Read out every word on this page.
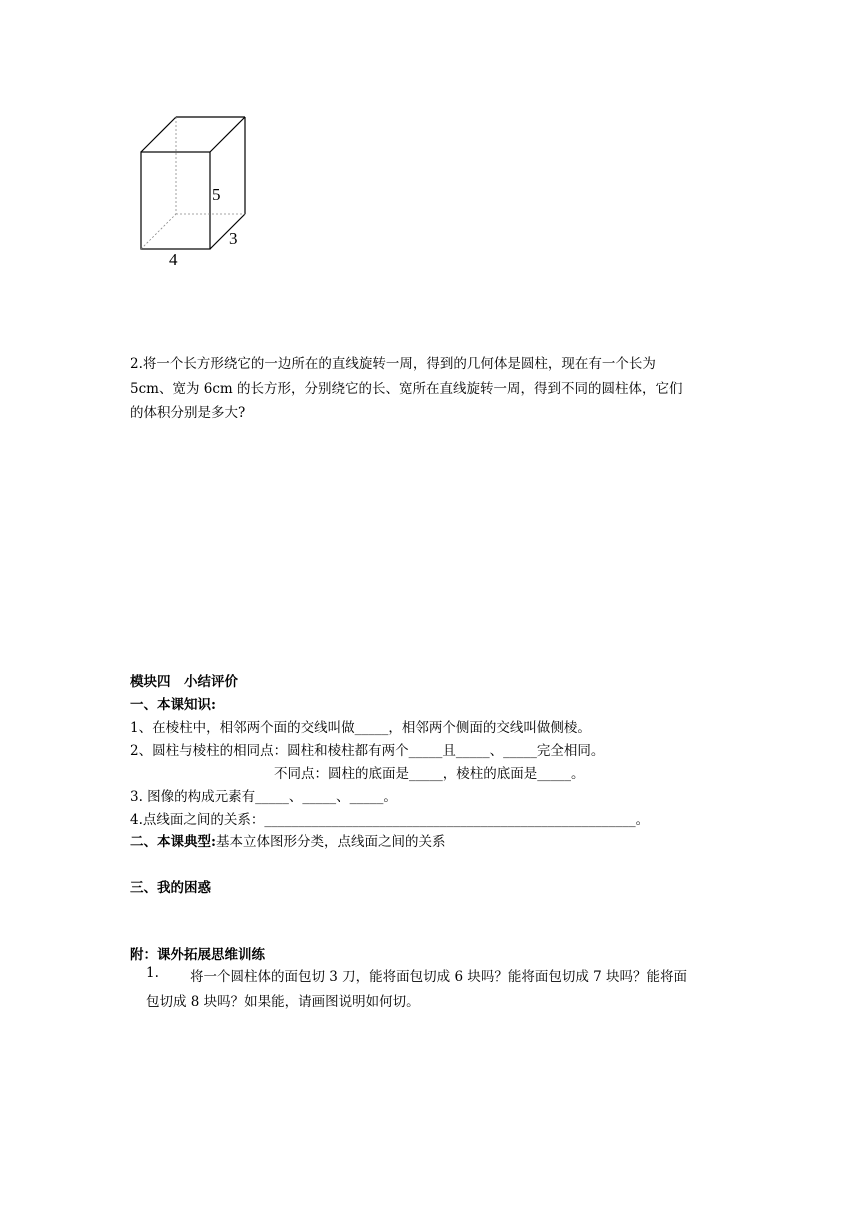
5
3
4
2.将一个长方形绕它的一边所在的直线旋转一周，得到的几何体是圆柱，现在有一个长为
5cm、宽为 6cm 的长方形，分别绕它的长、宽所在直线旋转一周，得到不同的圆柱体，它们
的体积分别是多大?
模块四　小结评价
一、本课知识:
1、在棱柱中，相邻两个面的交线叫做_____，相邻两个侧面的交线叫做侧棱。
2、圆柱与棱柱的相同点：圆柱和棱柱都有两个_____且_____、_____完全相同。
不同点：圆柱的底面是_____，棱柱的底面是_____。
3. 图像的构成元素有_____、_____、_____。
4.点线面之间的关系：_______________________________________________________。
二、本课典型:基本立体图形分类，点线面之间的关系
三、我的困惑
附：课外拓展思维训练
1. 将一个圆柱体的面包切 3 刀，能将面包切成 6 块吗？能将面包切成 7 块吗？能将面
包切成 8 块吗？如果能，请画图说明如何切。
